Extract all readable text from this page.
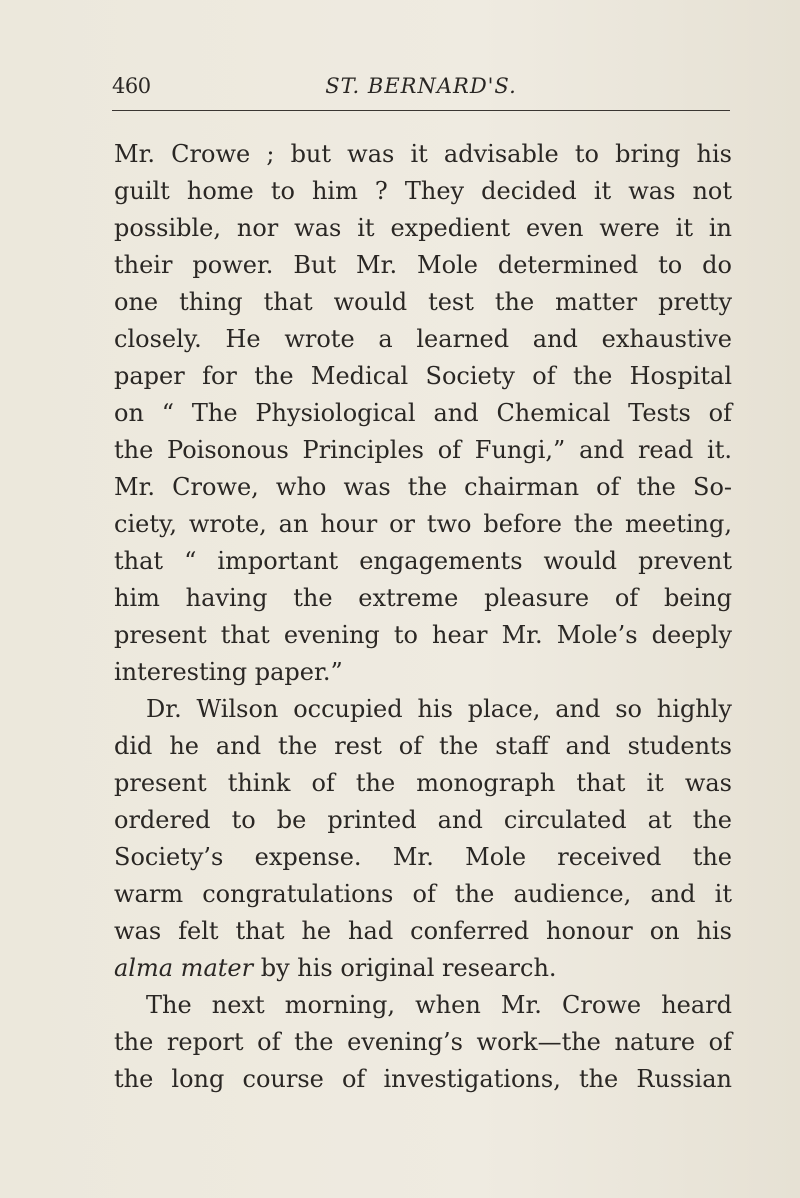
460	ST. BERNARD'S.
Mr. Crowe ; but was it advisable to bring his
guilt home to him ? They decided it was not
possible, nor was it expedient even were it in
their power. But Mr. Mole determined to do
one thing that would test the matter pretty
closely. He wrote a learned and exhaustive
paper for the Medical Society of the Hospital
on “ The Physiological and Chemical Tests of
the Poisonous Principles of Fungi,” and read it.
Mr. Crowe, who was the chairman of the So-
ciety, wrote, an hour or two before the meeting,
that “ important engagements would prevent
him having the extreme pleasure of being
present that evening to hear Mr. Mole’s deeply
interesting paper.”
Dr. Wilson occupied his place, and so highly
did he and the rest of the staff and students
present think of the monograph that it was
ordered to be printed and circulated at the
Society’s expense. Mr. Mole received the
warm congratulations of the audience, and it
was felt that he had conferred honour on his
alma mater by his original research.
The next morning, when Mr. Crowe heard
the report of the evening’s work—the nature of
the long course of investigations, the Russian
